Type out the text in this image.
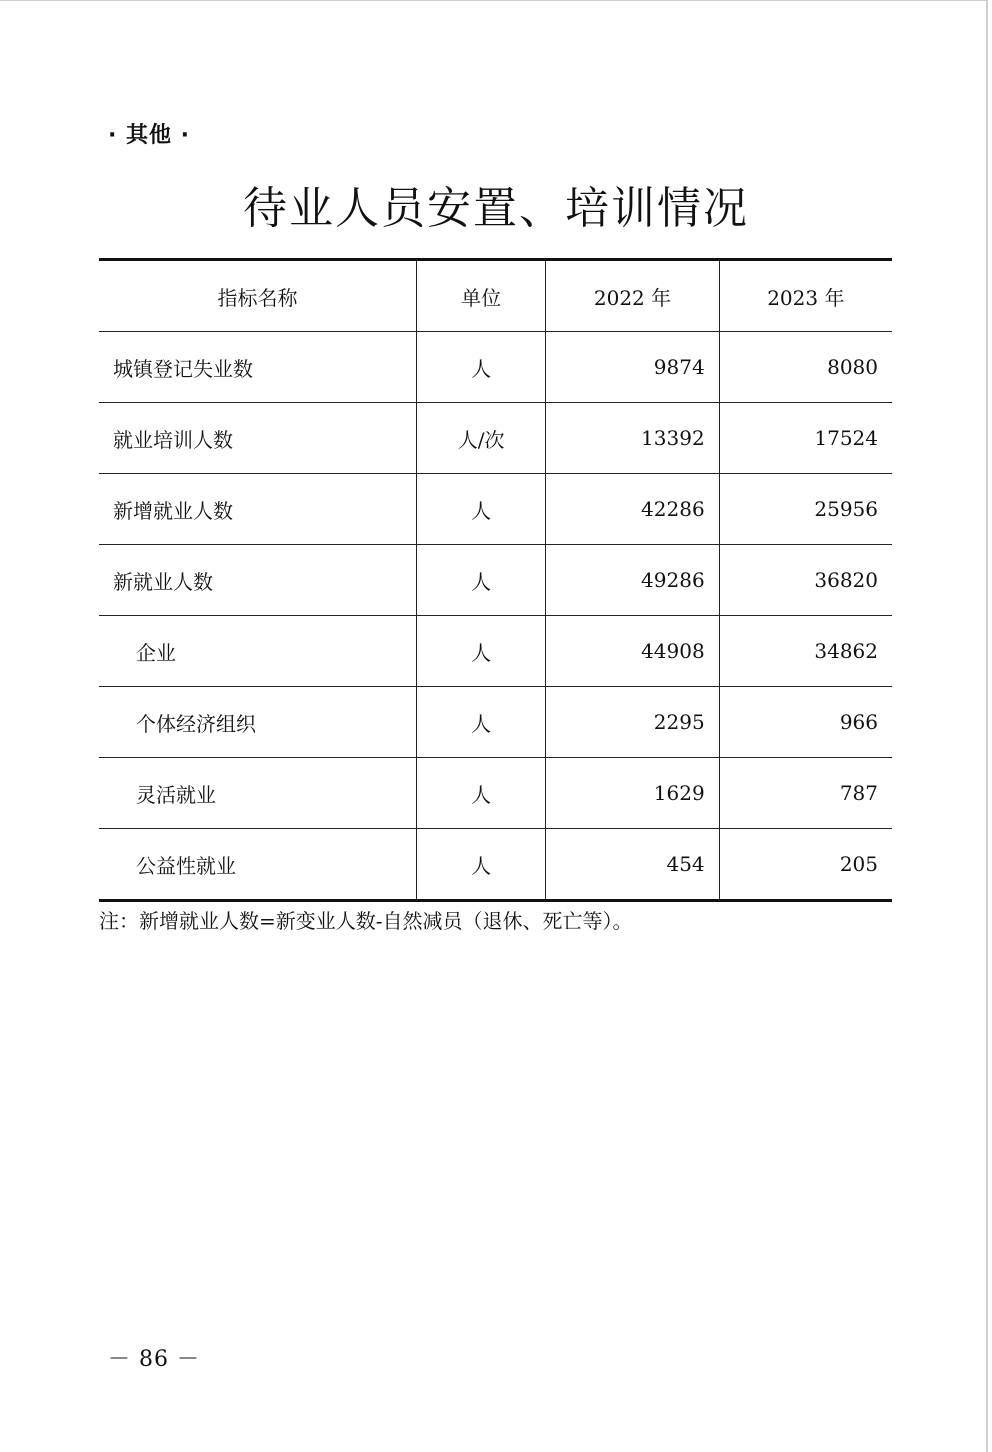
· 其他 ·
待业人员安置、培训情况
指标名称	单位	2022 年	2023 年
城镇登记失业数	人	9874	8080
就业培训人数	人/次	13392	17524
新增就业人数	人	42286	25956
新就业人数	人	49286	36820
企业	人	44908	34862
个体经济组织	人	2295	966
灵活就业	人	1629	787
公益性就业	人	454	205
注：新增就业人数=新变业人数-自然减员（退休、死亡等）。
－ 86 －
